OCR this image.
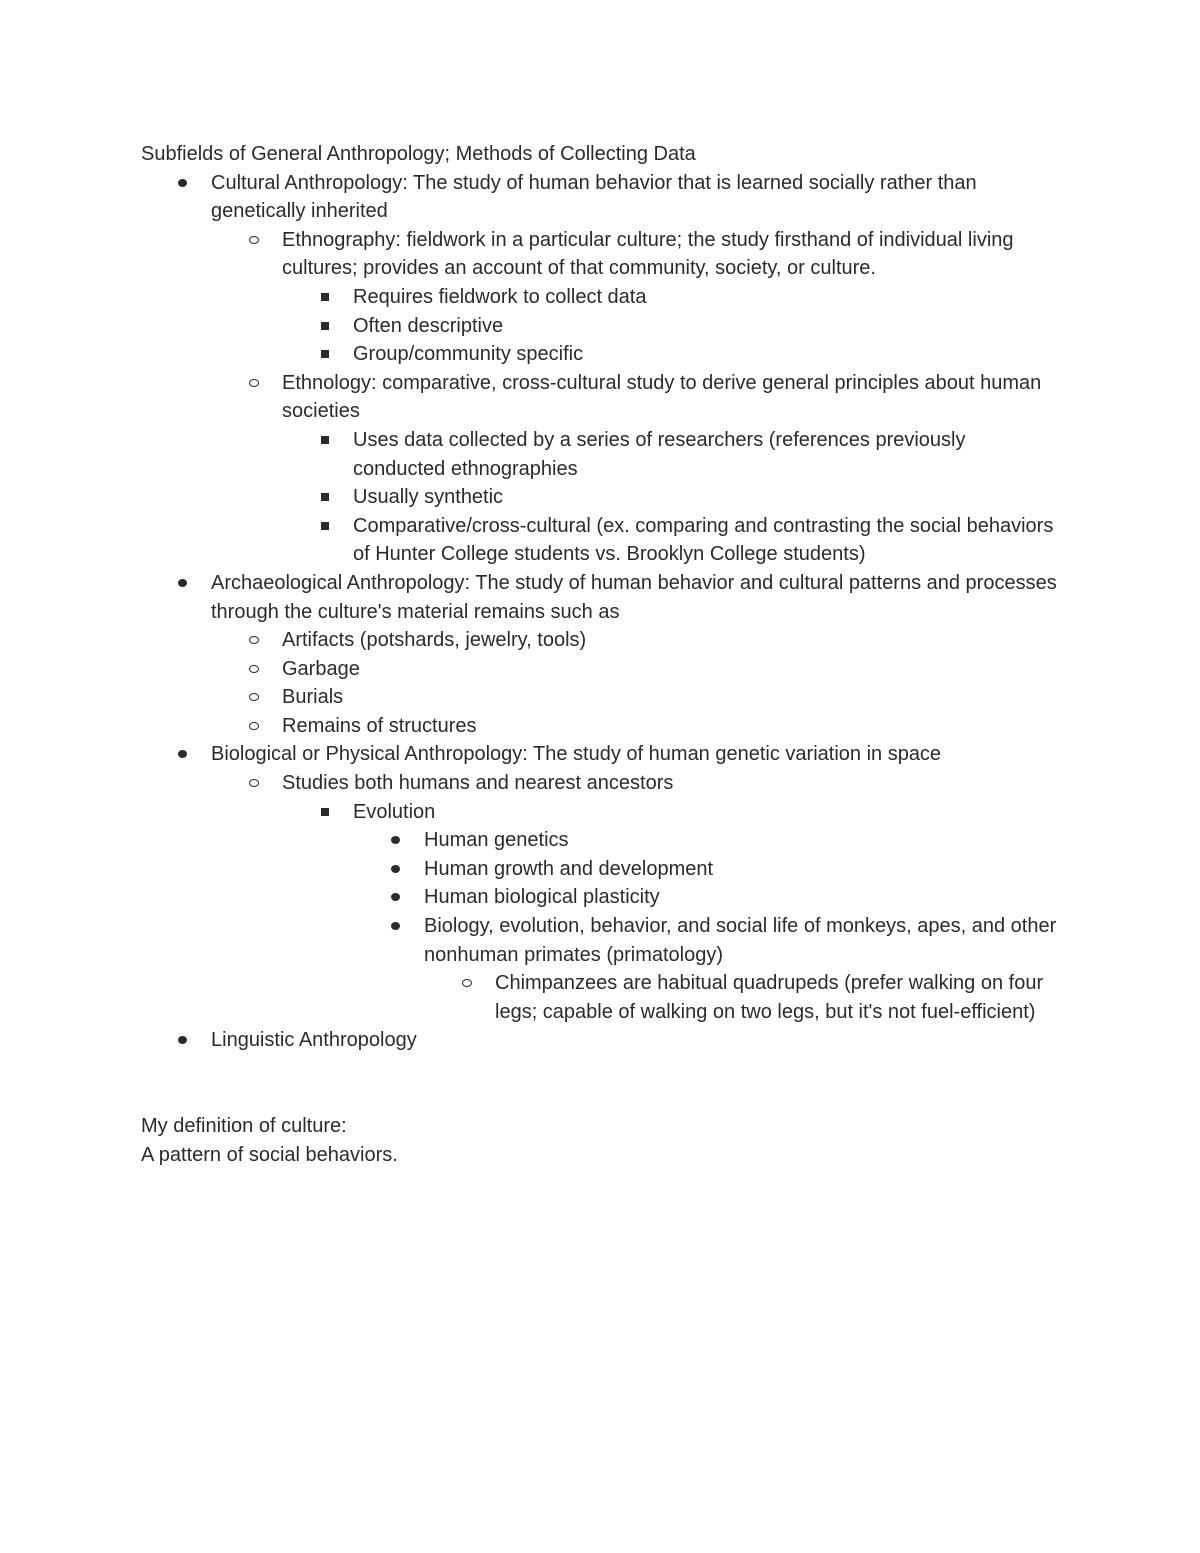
Subfields of General Anthropology; Methods of Collecting Data

Cultural Anthropology: The study of human behavior that is learned socially rather than genetically inherited
Ethnography: fieldwork in a particular culture; the study firsthand of individual living cultures; provides an account of that community, society, or culture.
Requires fieldwork to collect data
Often descriptive
Group/community specific
Ethnology: comparative, cross-cultural study to derive general principles about human societies
Uses data collected by a series of researchers (references previously conducted ethnographies
Usually synthetic
Comparative/cross-cultural (ex. comparing and contrasting the social behaviors of Hunter College students vs. Brooklyn College students)
Archaeological Anthropology: The study of human behavior and cultural patterns and processes through the culture's material remains such as
Artifacts (potshards, jewelry, tools)
Garbage
Burials
Remains of structures
Biological or Physical Anthropology: The study of human genetic variation in space
Studies both humans and nearest ancestors
Evolution
Human genetics
Human growth and development
Human biological plasticity
Biology, evolution, behavior, and social life of monkeys, apes, and other nonhuman primates (primatology)
Chimpanzees are habitual quadrupeds (prefer walking on four legs; capable of walking on two legs, but it's not fuel-efficient)
Linguistic Anthropology

My definition of culture:

A pattern of social behaviors.
